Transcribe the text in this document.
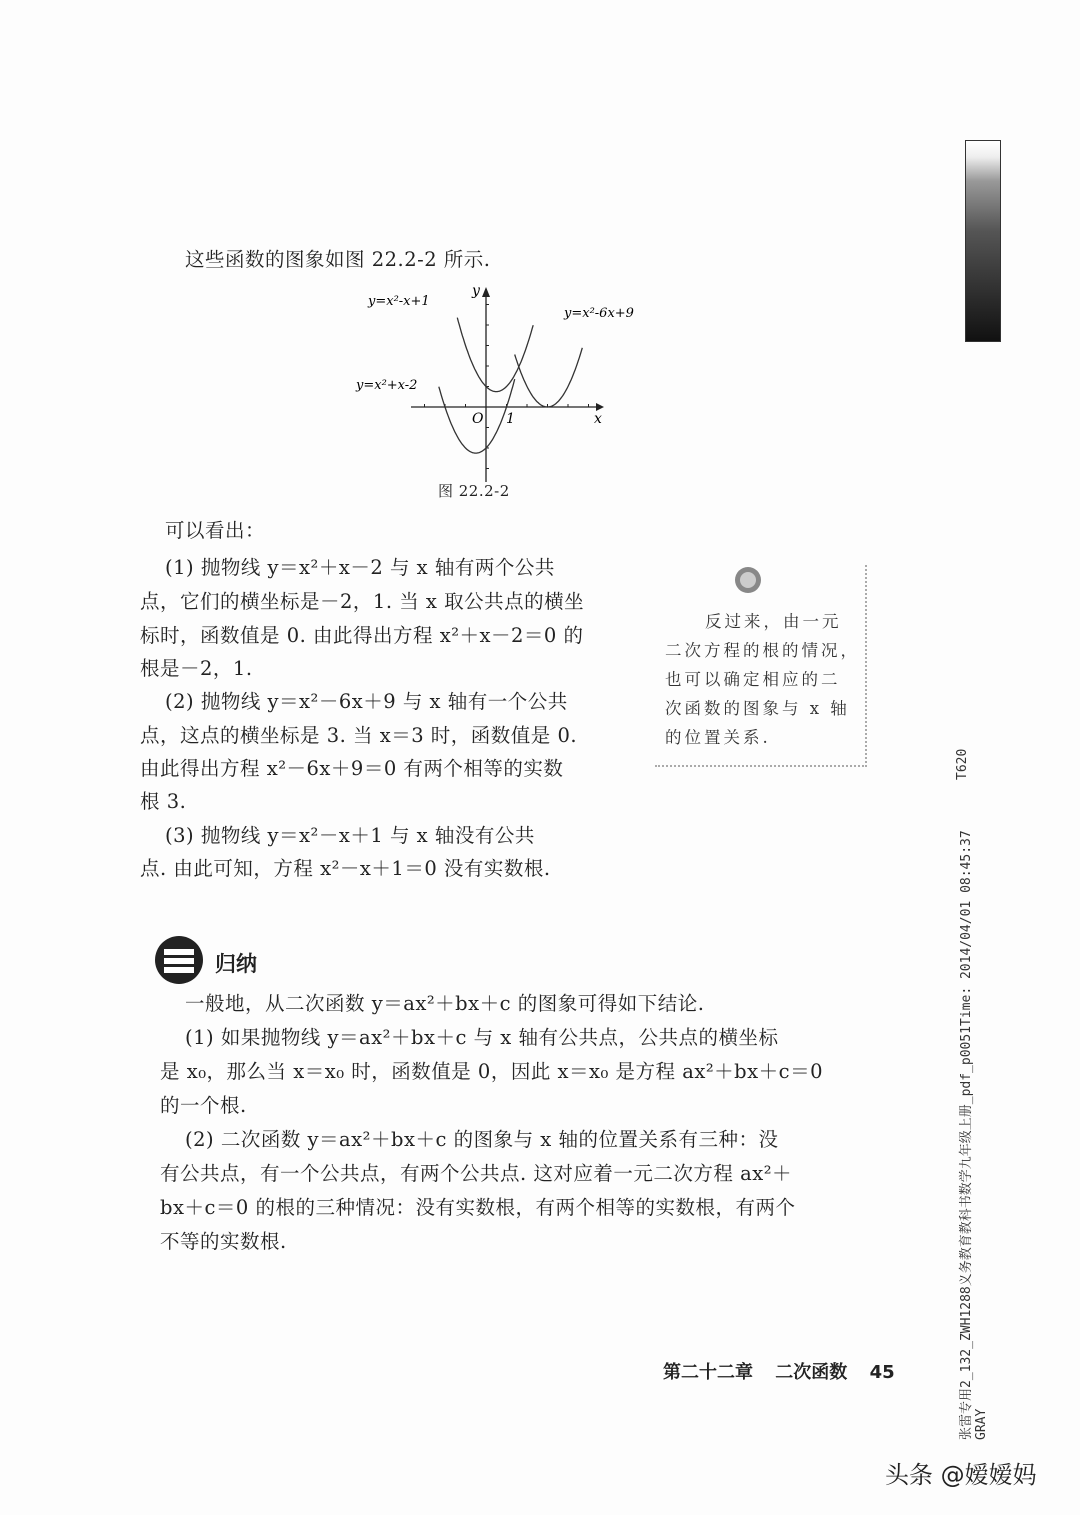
这些函数的图象如图 22.2-2 所示.
y=x²-x+1
y=x²+x-2
y=x²-6x+9
x
y
O 1
图 22.2-2
可以看出：
(1) 抛物线 y＝x²＋x－2 与 x 轴有两个公共
点，它们的横坐标是－2，1. 当 x 取公共点的横坐
标时，函数值是 0. 由此得出方程 x²＋x－2＝0 的
根是－2，1.
(2) 抛物线 y＝x²－6x＋9 与 x 轴有一个公共
点，这点的横坐标是 3. 当 x＝3 时，函数值是 0.
由此得出方程 x²－6x＋9＝0 有两个相等的实数
根 3.
(3) 抛物线 y＝x²－x＋1 与 x 轴没有公共
点. 由此可知，方程 x²－x＋1＝0 没有实数根.
反过来，由一元
二次方程的根的情况，
也可以确定相应的二
次函数的图象与 x 轴
的位置关系.
归纳
一般地，从二次函数 y＝ax²＋bx＋c 的图象可得如下结论.
(1) 如果抛物线 y＝ax²＋bx＋c 与 x 轴有公共点，公共点的横坐标
是 x₀，那么当 x＝x₀ 时，函数值是 0，因此 x＝x₀ 是方程 ax²＋bx＋c＝0
的一个根.
(2) 二次函数 y＝ax²＋bx＋c 的图象与 x 轴的位置关系有三种：没
有公共点，有一个公共点，有两个公共点. 这对应着一元二次方程 ax²＋
bx＋c＝0 的根的三种情况：没有实数根，有两个相等的实数根，有两个
不等的实数根.
第二十二章 二次函数 45
T620
张雷专用2_132_ZWH1288义务教育教科书数学九年级上册_pdf_p0051Time: 2014/04/01 08:45:37 GRAY
头条 @嫒嫒妈
